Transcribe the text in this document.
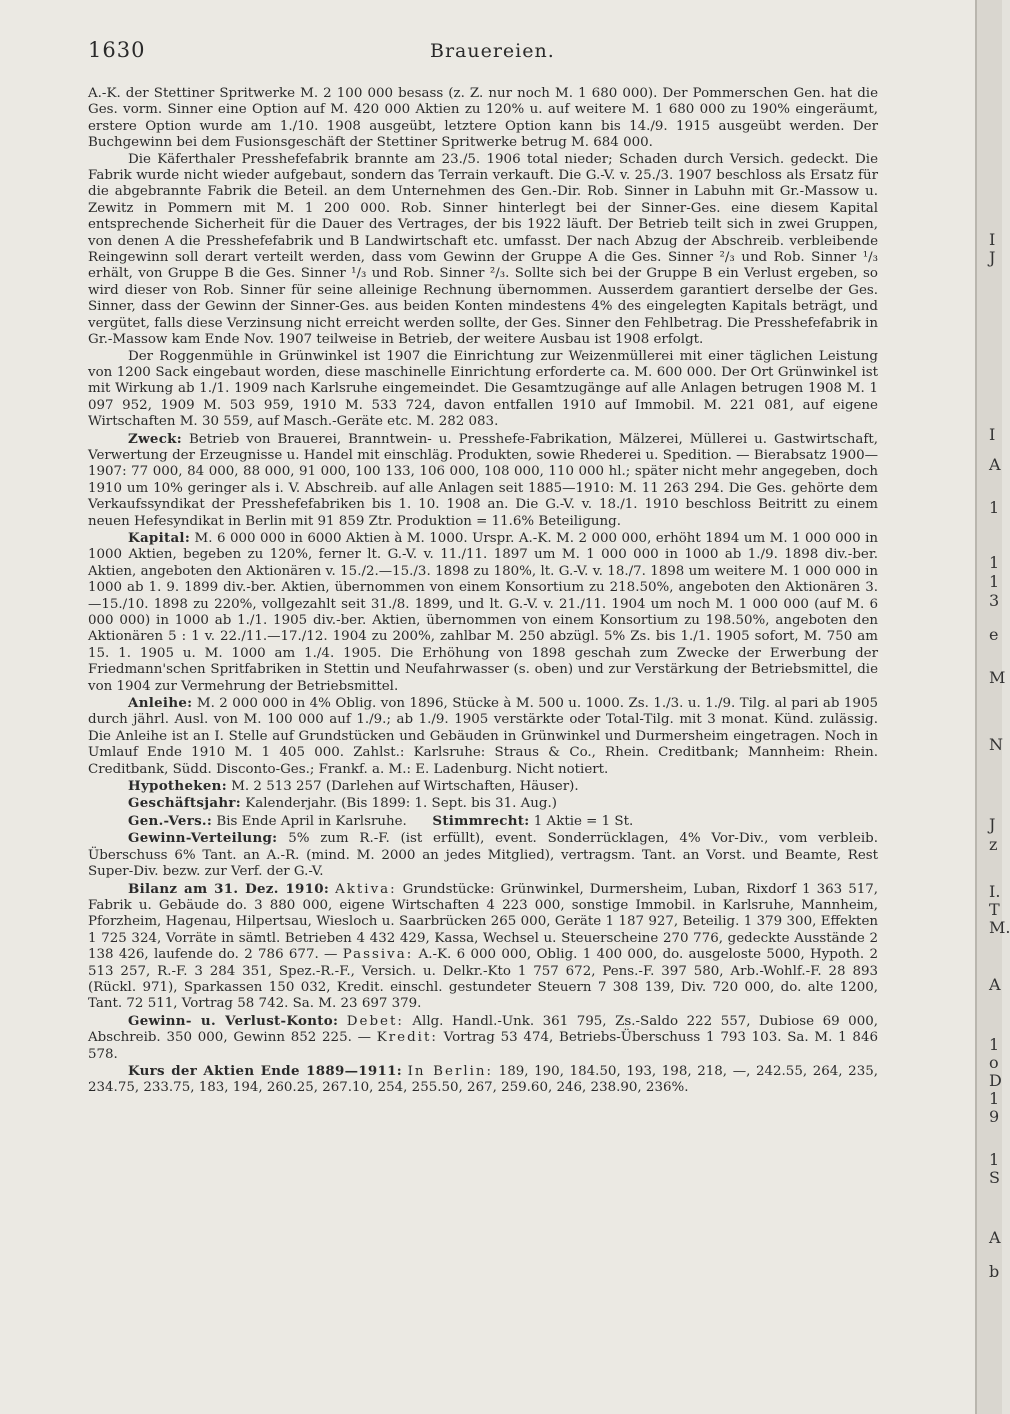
1630	Brauereien.

A.-K. der Stettiner Spritwerke M. 2 100 000 besass (z. Z. nur noch M. 1 680 000). Der Pommerschen Gen. hat die Ges. vorm. Sinner eine Option auf M. 420 000 Aktien zu 120% u. auf weitere M. 1 680 000 zu 190% eingeräumt, erstere Option wurde am 1./10. 1908 ausgeübt, letztere Option kann bis 14./9. 1915 ausgeübt werden. Der Buchgewinn bei dem Fusionsgeschäft der Stettiner Spritwerke betrug M. 684 000.

Die Käferthaler Presshefefabrik brannte am 23./5. 1906 total nieder; Schaden durch Versich. gedeckt. Die Fabrik wurde nicht wieder aufgebaut, sondern das Terrain verkauft. Die G.-V. v. 25./3. 1907 beschloss als Ersatz für die abgebrannte Fabrik die Beteil. an dem Unternehmen des Gen.-Dir. Rob. Sinner in Labuhn mit Gr.-Massow u. Zewitz in Pommern mit M. 1 200 000. Rob. Sinner hinterlegt bei der Sinner-Ges. eine diesem Kapital entsprechende Sicherheit für die Dauer des Vertrages, der bis 1922 läuft. Der Betrieb teilt sich in zwei Gruppen, von denen A die Presshefefabrik und B Landwirtschaft etc. umfasst. Der nach Abzug der Abschreib. verbleibende Reingewinn soll derart verteilt werden, dass vom Gewinn der Gruppe A die Ges. Sinner ²/₃ und Rob. Sinner ¹/₃ erhält, von Gruppe B die Ges. Sinner ¹/₃ und Rob. Sinner ²/₃. Sollte sich bei der Gruppe B ein Verlust ergeben, so wird dieser von Rob. Sinner für seine alleinige Rechnung übernommen. Ausserdem garantiert derselbe der Ges. Sinner, dass der Gewinn der Sinner-Ges. aus beiden Konten mindestens 4% des eingelegten Kapitals beträgt, und vergütet, falls diese Verzinsung nicht erreicht werden sollte, der Ges. Sinner den Fehlbetrag. Die Presshefefabrik in Gr.-Massow kam Ende Nov. 1907 teilweise in Betrieb, der weitere Ausbau ist 1908 erfolgt.

Der Roggenmühle in Grünwinkel ist 1907 die Einrichtung zur Weizenmüllerei mit einer täglichen Leistung von 1200 Sack eingebaut worden, diese maschinelle Einrichtung erforderte ca. M. 600 000. Der Ort Grünwinkel ist mit Wirkung ab 1./1. 1909 nach Karlsruhe eingemeindet. Die Gesamtzugänge auf alle Anlagen betrugen 1908 M. 1 097 952, 1909 M. 503 959, 1910 M. 533 724, davon entfallen 1910 auf Immobil. M. 221 081, auf eigene Wirtschaften M. 30 559, auf Masch.-Geräte etc. M. 282 083.

Zweck: Betrieb von Brauerei, Branntwein- u. Presshefe-Fabrikation, Mälzerei, Müllerei u. Gastwirtschaft, Verwertung der Erzeugnisse u. Handel mit einschläg. Produkten, sowie Rhederei u. Spedition. — Bierabsatz 1900—1907: 77 000, 84 000, 88 000, 91 000, 100 133, 106 000, 108 000, 110 000 hl.; später nicht mehr angegeben, doch 1910 um 10% geringer als i. V. Abschreib. auf alle Anlagen seit 1885—1910: M. 11 263 294. Die Ges. gehörte dem Verkaufssyndikat der Presshefefabriken bis 1. 10. 1908 an. Die G.-V. v. 18./1. 1910 beschloss Beitritt zu einem neuen Hefesyndikat in Berlin mit 91 859 Ztr. Produktion = 11.6% Beteiligung.

Kapital: M. 6 000 000 in 6000 Aktien à M. 1000. Urspr. A.-K. M. 2 000 000, erhöht 1894 um M. 1 000 000 in 1000 Aktien, begeben zu 120%, ferner lt. G.-V. v. 11./11. 1897 um M. 1 000 000 in 1000 ab 1./9. 1898 div.-ber. Aktien, angeboten den Aktionären v. 15./2.—15./3. 1898 zu 180%, lt. G.-V. v. 18./7. 1898 um weitere M. 1 000 000 in 1000 ab 1. 9. 1899 div.-ber. Aktien, übernommen von einem Konsortium zu 218.50%, angeboten den Aktionären 3.—15./10. 1898 zu 220%, vollgezahlt seit 31./8. 1899, und lt. G.-V. v. 21./11. 1904 um noch M. 1 000 000 (auf M. 6 000 000) in 1000 ab 1./1. 1905 div.-ber. Aktien, übernommen von einem Konsortium zu 198.50%, angeboten den Aktionären 5 : 1 v. 22./11.—17./12. 1904 zu 200%, zahlbar M. 250 abzügl. 5% Zs. bis 1./1. 1905 sofort, M. 750 am 15. 1. 1905 u. M. 1000 am 1./4. 1905. Die Erhöhung von 1898 geschah zum Zwecke der Erwerbung der Friedmann'schen Spritfabriken in Stettin und Neufahrwasser (s. oben) und zur Verstärkung der Betriebsmittel, die von 1904 zur Vermehrung der Betriebsmittel.

Anleihe: M. 2 000 000 in 4% Oblig. von 1896, Stücke à M. 500 u. 1000. Zs. 1./3. u. 1./9. Tilg. al pari ab 1905 durch jährl. Ausl. von M. 100 000 auf 1./9.; ab 1./9. 1905 verstärkte oder Total-Tilg. mit 3 monat. Künd. zulässig. Die Anleihe ist an I. Stelle auf Grundstücken und Gebäuden in Grünwinkel und Durmersheim eingetragen. Noch in Umlauf Ende 1910 M. 1 405 000. Zahlst.: Karlsruhe: Straus & Co., Rhein. Creditbank; Mannheim: Rhein. Creditbank, Südd. Disconto-Ges.; Frankf. a. M.: E. Ladenburg. Nicht notiert.

Hypotheken: M. 2 513 257 (Darlehen auf Wirtschaften, Häuser).

Geschäftsjahr: Kalenderjahr. (Bis 1899: 1. Sept. bis 31. Aug.)

Gen.-Vers.: Bis Ende April in Karlsruhe. Stimmrecht: 1 Aktie = 1 St.

Gewinn-Verteilung: 5% zum R.-F. (ist erfüllt), event. Sonderrücklagen, 4% Vor-Div., vom verbleib. Überschuss 6% Tant. an A.-R. (mind. M. 2000 an jedes Mitglied), vertragsm. Tant. an Vorst. und Beamte, Rest Super-Div. bezw. zur Verf. der G.-V.

Bilanz am 31. Dez. 1910: Aktiva: Grundstücke: Grünwinkel, Durmersheim, Luban, Rixdorf 1 363 517, Fabrik u. Gebäude do. 3 880 000, eigene Wirtschaften 4 223 000, sonstige Immobil. in Karlsruhe, Mannheim, Pforzheim, Hagenau, Hilpertsau, Wiesloch u. Saarbrücken 265 000, Geräte 1 187 927, Beteilig. 1 379 300, Effekten 1 725 324, Vorräte in sämtl. Betrieben 4 432 429, Kassa, Wechsel u. Steuerscheine 270 776, gedeckte Ausstände 2 138 426, laufende do. 2 786 677. — Passiva: A.-K. 6 000 000, Oblig. 1 400 000, do. ausgeloste 5000, Hypoth. 2 513 257, R.-F. 3 284 351, Spez.-R.-F., Versich. u. Delkr.-Kto 1 757 672, Pens.-F. 397 580, Arb.-Wohlf.-F. 28 893 (Rückl. 971), Sparkassen 150 032, Kredit. einschl. gestundeter Steuern 7 308 139, Div. 720 000, do. alte 1200, Tant. 72 511, Vortrag 58 742. Sa. M. 23 697 379.

Gewinn- u. Verlust-Konto: Debet: Allg. Handl.-Unk. 361 795, Zs.-Saldo 222 557, Dubiose 69 000, Abschreib. 350 000, Gewinn 852 225. — Kredit: Vortrag 53 474, Betriebs-Überschuss 1 793 103. Sa. M. 1 846 578.

Kurs der Aktien Ende 1889—1911: In Berlin: 189, 190, 184.50, 193, 198, 218, —, 242.55, 264, 235, 234.75, 233.75, 183, 194, 260.25, 267.10, 254, 255.50, 267, 259.60, 246, 238.90, 236%.

I
J
I
A
1
1
1
3
e
M
N
J
z
I.
T
M.
A
1
o
D
1
9
1
S
A
b
